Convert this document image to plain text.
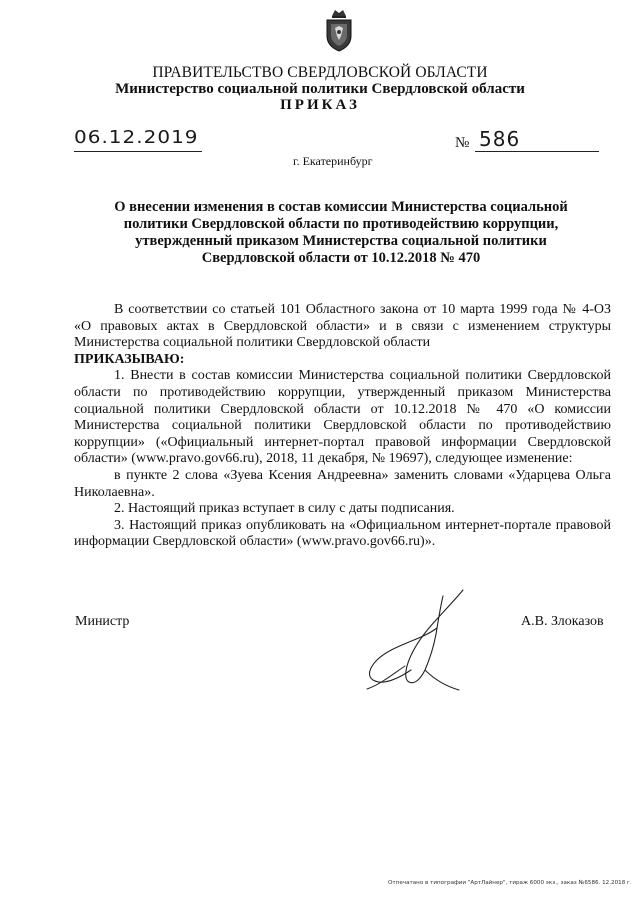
ПРАВИТЕЛЬСТВО СВЕРДЛОВСКОЙ ОБЛАСТИ
Министерство социальной политики Свердловской области
ПРИКАЗ
06.12.2019	№ 586
г. Екатеринбург
О внесении изменения в состав комиссии Министерства социальной политики Свердловской области по противодействию коррупции, утвержденный приказом Министерства социальной политики Свердловской области от 10.12.2018 № 470

В соответствии со статьей 101 Областного закона от 10 марта 1999 года № 4-ОЗ «О правовых актах в Свердловской области» и в связи с изменением структуры Министерства социальной политики Свердловской области

ПРИКАЗЫВАЮ:

1. Внести в состав комиссии Министерства социальной политики Свердловской области по противодействию коррупции, утвержденный приказом Министерства социальной политики Свердловской области от 10.12.2018 № 470 «О комиссии Министерства социальной политики Свердловской области по противодействию коррупции» («Официальный интернет-портал правовой информации Свердловской области» (www.pravo.gov66.ru), 2018, 11 декабря, № 19697), следующее изменение:

в пункте 2 слова «Зуева Ксения Андреевна» заменить словами «Ударцева Ольга Николаевна».

2. Настоящий приказ вступает в силу с даты подписания.

3. Настоящий приказ опубликовать на «Официальном интернет-портале правовой информации Свердловской области» (www.pravo.gov66.ru)».

Министр	А.В. Злоказов
Отпечатано в типографии "АртЛайнер", тираж 6000 экз., заказ №6586. 12.2018 г.
